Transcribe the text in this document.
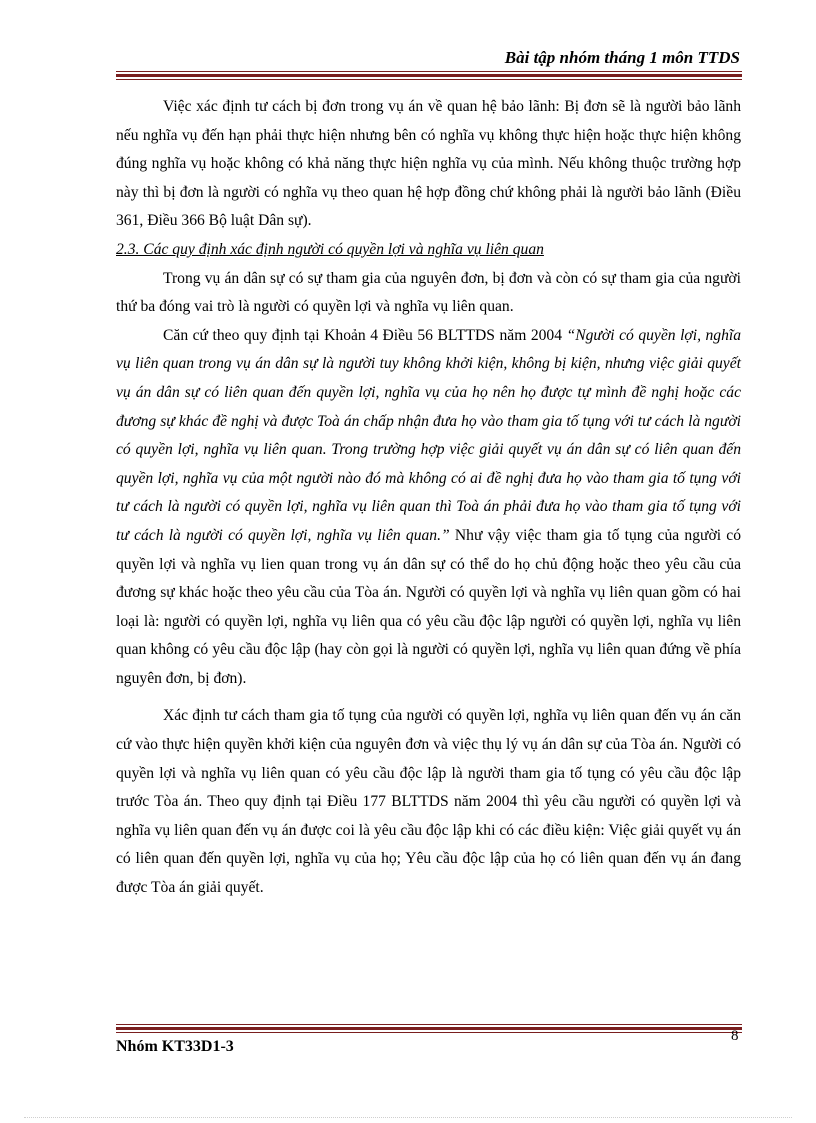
Bài tập nhóm tháng 1 môn TTDS

Việc xác định tư cách bị đơn trong vụ án về quan hệ bảo lãnh: Bị đơn sẽ là người bảo lãnh nếu nghĩa vụ đến hạn phải thực hiện nhưng bên có nghĩa vụ không thực hiện hoặc thực hiện không đúng nghĩa vụ hoặc không có khả năng thực hiện nghĩa vụ của mình. Nếu không thuộc trường hợp này thì bị đơn là người có nghĩa vụ theo quan hệ hợp đồng chứ không phải là người bảo lãnh (Điều 361, Điều 366 Bộ luật Dân sự).

2.3. Các quy định xác định người có quyền lợi và nghĩa vụ liên quan

Trong vụ án dân sự có sự tham gia của nguyên đơn, bị đơn và còn có sự tham gia của người thứ ba đóng vai trò là người có quyền lợi và nghĩa vụ liên quan.

Căn cứ theo quy định tại Khoản 4 Điều 56 BLTTDS năm 2004 “Người có quyền lợi, nghĩa vụ liên quan trong vụ án dân sự là người tuy không khởi kiện, không bị kiện, nhưng việc giải quyết vụ án dân sự có liên quan đến quyền lợi, nghĩa vụ của họ nên họ được tự mình đề nghị hoặc các đương sự khác đề nghị và được Toà án chấp nhận đưa họ vào tham gia tố tụng với tư cách là người có quyền lợi, nghĩa vụ liên quan. Trong trường hợp việc giải quyết vụ án dân sự có liên quan đến quyền lợi, nghĩa vụ của một người nào đó mà không có ai đề nghị đưa họ vào tham gia tố tụng với tư cách là người có quyền lợi, nghĩa vụ liên quan thì Toà án phải đưa họ vào tham gia tố tụng với tư cách là người có quyền lợi, nghĩa vụ liên quan.” Như vậy việc tham gia tố tụng của người có quyền lợi và nghĩa vụ lien quan trong vụ án dân sự có thể do họ chủ động hoặc theo yêu cầu của đương sự khác hoặc theo yêu cầu của Tòa án. Người có quyền lợi và nghĩa vụ liên quan gồm có hai loại là: người có quyền lợi, nghĩa vụ liên qua có yêu cầu độc lập người có quyền lợi, nghĩa vụ liên quan không có yêu cầu độc lập (hay còn gọi là người có quyền lợi, nghĩa vụ liên quan đứng về phía nguyên đơn, bị đơn).

Xác định tư cách tham gia tố tụng của người có quyền lợi, nghĩa vụ liên quan đến vụ án căn cứ vào thực hiện quyền khởi kiện của nguyên đơn và việc thụ lý vụ án dân sự của Tòa án. Người có quyền lợi và nghĩa vụ liên quan có yêu cầu độc lập là người tham gia tố tụng có yêu cầu độc lập trước Tòa án. Theo quy định tại Điều 177 BLTTDS năm 2004 thì yêu cầu người có quyền lợi và nghĩa vụ liên quan đến vụ án được coi là yêu cầu độc lập khi có các điều kiện: Việc giải quyết vụ án có liên quan đến quyền lợi, nghĩa vụ của họ; Yêu cầu độc lập của họ có liên quan đến vụ án đang được Tòa án giải quyết.

Nhóm KT33D1-3
8
